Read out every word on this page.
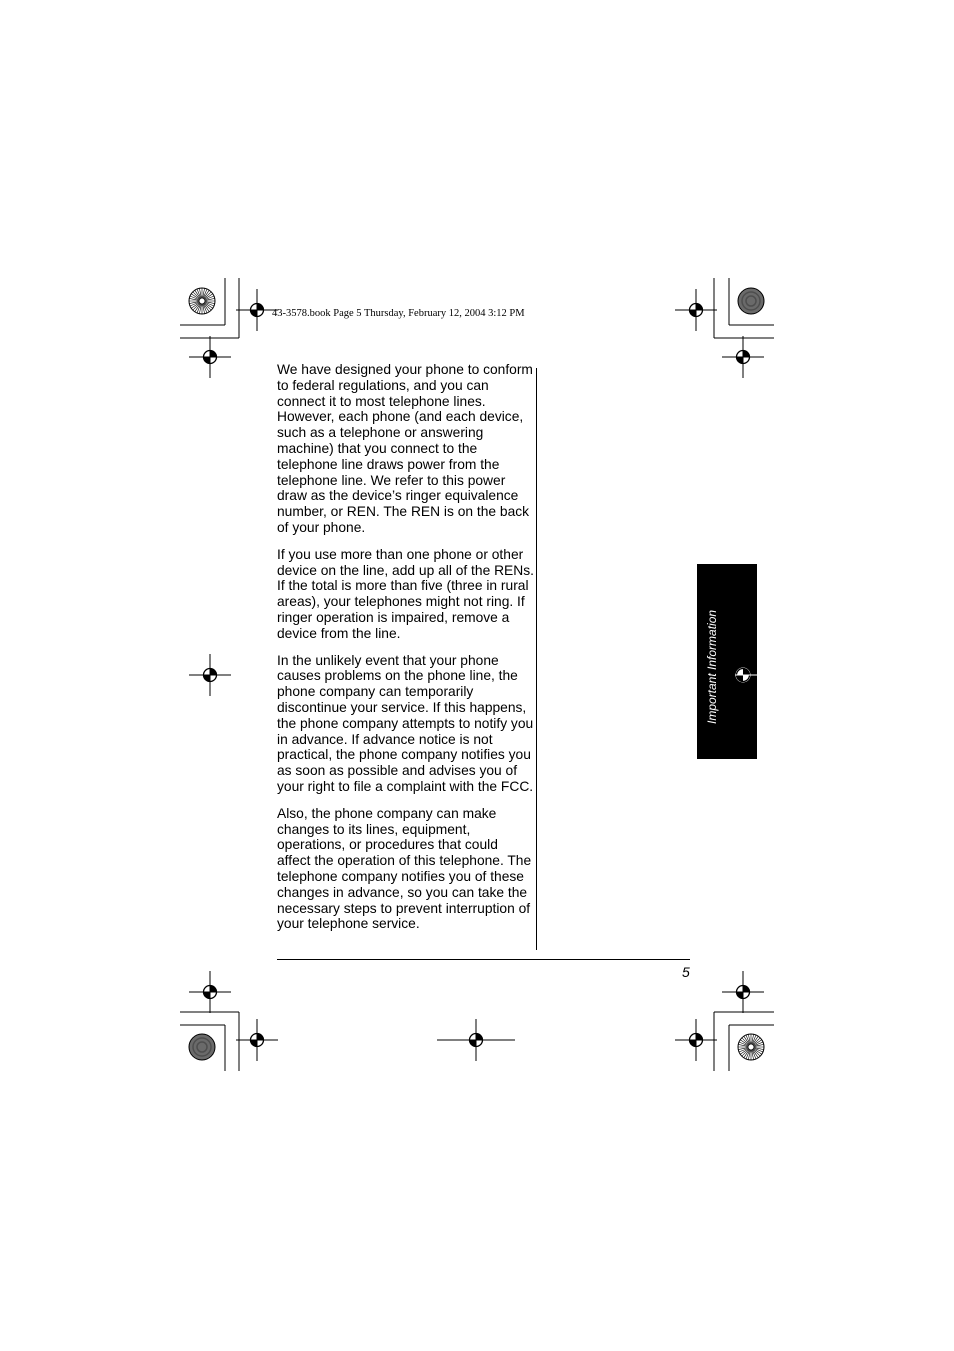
43-3578.book Page 5 Thursday, February 12, 2004 3:12 PM

We have designed your phone to conform to federal regulations, and you can connect it to most telephone lines. However, each phone (and each device, such as a telephone or answering machine) that you connect to the telephone line draws power from the telephone line. We refer to this power draw as the device’s ringer equivalence number, or REN. The REN is on the back of your phone.

If you use more than one phone or other device on the line, add up all of the RENs. If the total is more than five (three in rural areas), your telephones might not ring. If ringer operation is impaired, remove a device from the line.

In the unlikely event that your phone causes problems on the phone line, the phone company can temporarily discontinue your service. If this happens, the phone company attempts to notify you in advance. If advance notice is not practical, the phone company notifies you as soon as possible and advises you of your right to file a complaint with the FCC.

Also, the phone company can make changes to its lines, equipment, operations, or procedures that could affect the operation of this telephone. The telephone company notifies you of these changes in advance, so you can take the necessary steps to prevent interruption of your telephone service.

5
Important Information
